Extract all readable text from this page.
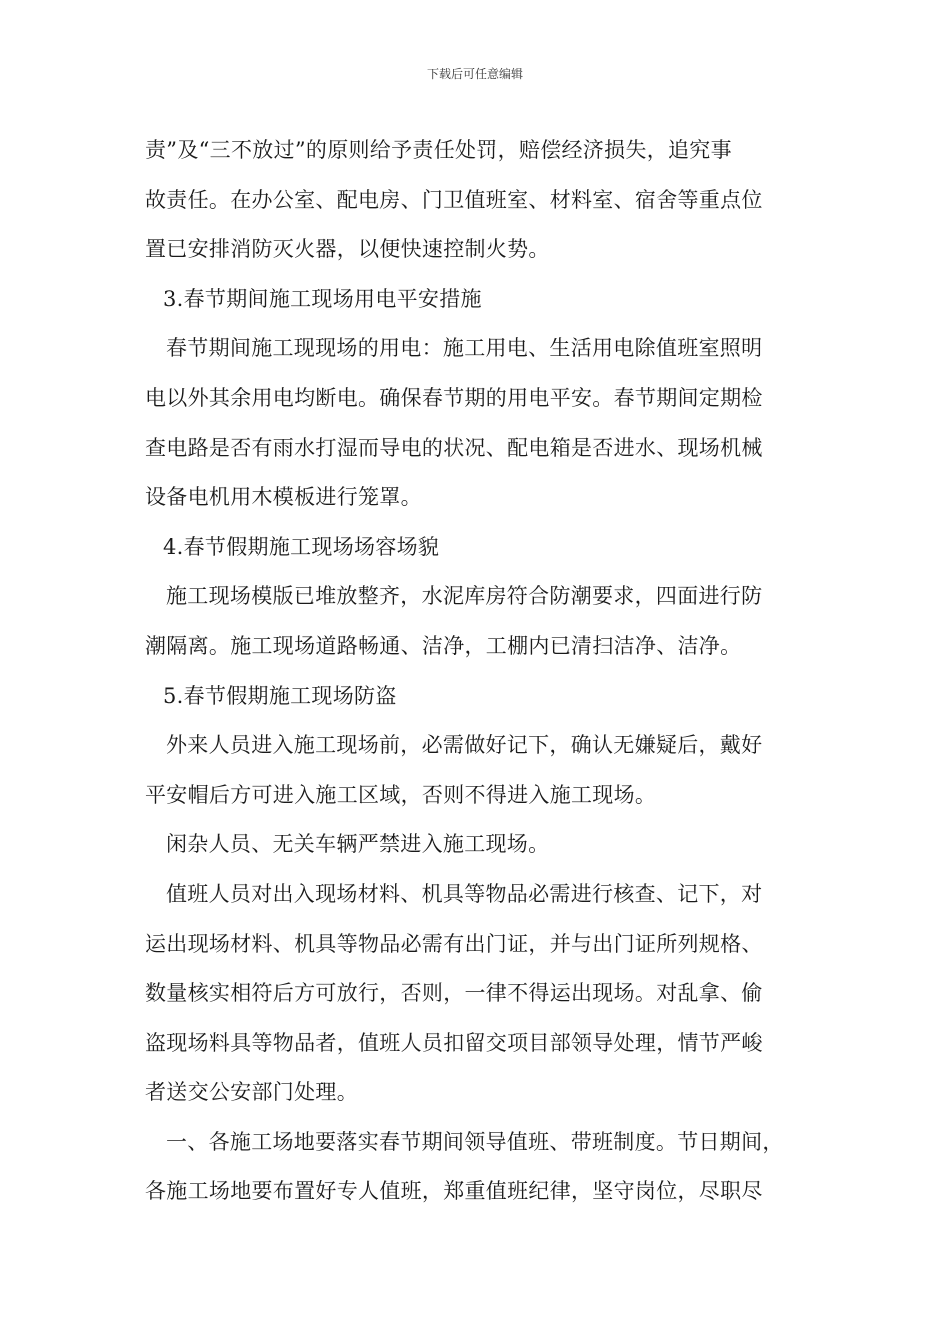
下载后可任意编辑
责”及“三不放过”的原则给予责任处罚，赔偿经济损失，追究事
故责任。在办公室、配电房、门卫值班室、材料室、宿舍等重点位
置已安排消防灭火器，以便快速控制火势。
3.春节期间施工现场用电平安措施
春节期间施工现现场的用电：施工用电、生活用电除值班室照明
电以外其余用电均断电。确保春节期的用电平安。春节期间定期检
查电路是否有雨水打湿而导电的状况、配电箱是否进水、现场机械
设备电机用木模板进行笼罩。
4.春节假期施工现场场容场貌
施工现场模版已堆放整齐，水泥库房符合防潮要求，四面进行防
潮隔离。施工现场道路畅通、洁净，工棚内已清扫洁净、洁净。
5.春节假期施工现场防盗
外来人员进入施工现场前，必需做好记下，确认无嫌疑后，戴好
平安帽后方可进入施工区域，否则不得进入施工现场。
闲杂人员、无关车辆严禁进入施工现场。
值班人员对出入现场材料、机具等物品必需进行核查、记下，对
运出现场材料、机具等物品必需有出门证，并与出门证所列规格、
数量核实相符后方可放行，否则，一律不得运出现场。对乱拿、偷
盗现场料具等物品者，值班人员扣留交项目部领导处理，情节严峻
者送交公安部门处理。
一、各施工场地要落实春节期间领导值班、带班制度。节日期间，
各施工场地要布置好专人值班，郑重值班纪律，坚守岗位，尽职尽
